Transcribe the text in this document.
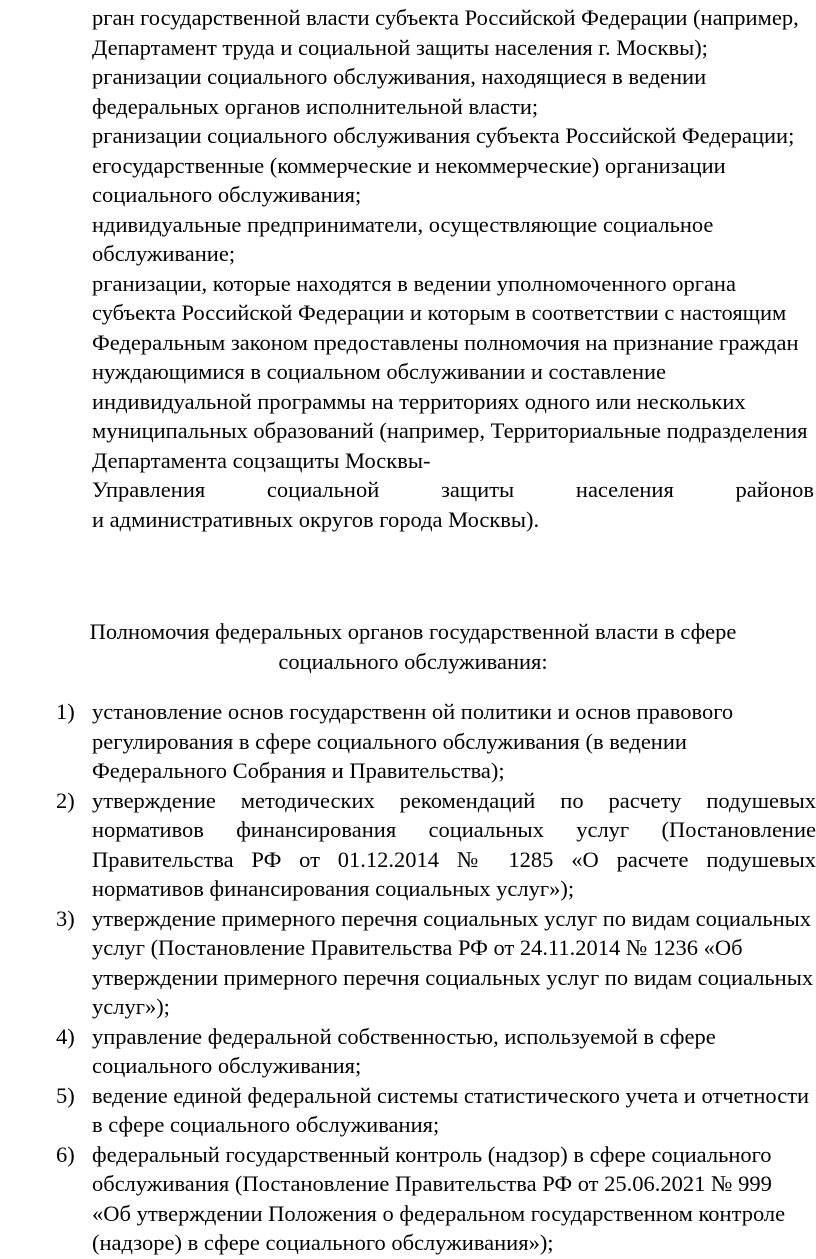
рган государственной власти субъекта Российской Федерации (например, Департамент труда и социальной защиты населения г. Москвы);

рганизации социального обслуживания, находящиеся в ведении федеральных органов исполнительной власти;

рганизации социального обслуживания субъекта Российской Федерации;

егосударственные (коммерческие и некоммерческие) организации социального обслуживания;

ндивидуальные предприниматели, осуществляющие социальное обслуживание;

рганизации, которые находятся в ведении уполномоченного органа субъекта Российской Федерации и которым в соответствии с настоящим Федеральным законом предоставлены полномочия на признание граждан нуждающимися в социальном обслуживании и составление индивидуальной программы на территориях одного или нескольких муниципальных образований (например, Территориальные подразделения Департамента соцзащиты Москвы-

Управления социальной защиты населения районов

и административных округов города Москвы).

Полномочия федеральных органов государственной власти в сфере
социального обслуживания:
1) установление основ государственн ой политики и основ правового регулирования в сфере социального обслуживания (в ведении Федерального Собрания и Правительства);
2) утверждение методических рекомендаций по расчету подушевых нормативов финансирования социальных услуг (Постановление Правительства РФ от 01.12.2014 № 1285 «О расчете подушевых нормативов финансирования социальных услуг»);
3) утверждение примерного перечня социальных услуг по видам социальных услуг (Постановление Правительства РФ от 24.11.2014 № 1236 «Об утверждении примерного перечня социальных услуг по видам социальных услуг»);
4) управление федеральной собственностью, используемой в сфере социального обслуживания;
5) ведение единой федеральной системы статистического учета и отчетности в сфере социального обслуживания;
6) федеральный государственный контроль (надзор) в сфере социального обслуживания (Постановление Правительства РФ от 25.06.2021 № 999 «Об утверждении Положения о федеральном государственном контроле (надзоре) в сфере социального обслуживания»);
